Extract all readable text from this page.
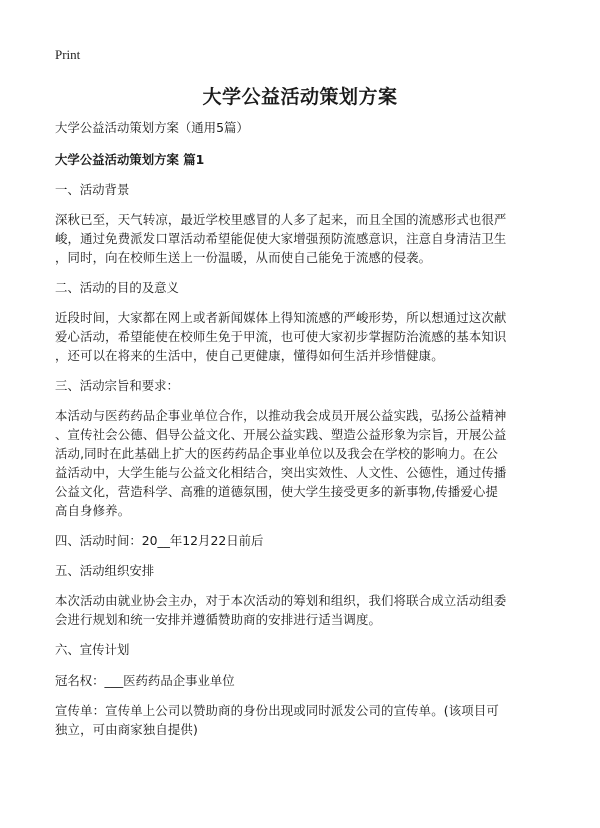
Print
大学公益活动策划方案

大学公益活动策划方案（通用5篇）

大学公益活动策划方案 篇1

一、活动背景

深秋已至，天气转凉，最近学校里感冒的人多了起来，而且全国的流感形式也很严
峻，通过免费派发口罩活动希望能促使大家增强预防流感意识，注意自身清洁卫生
，同时，向在校师生送上一份温暖，从而使自己能免于流感的侵袭。

二、活动的目的及意义

近段时间，大家都在网上或者新闻媒体上得知流感的严峻形势，所以想通过这次献
爱心活动，希望能使在校师生免于甲流，也可使大家初步掌握防治流感的基本知识
，还可以在将来的生活中，使自己更健康，懂得如何生活并珍惜健康。

三、活动宗旨和要求：

本活动与医药药品企事业单位合作，以推动我会成员开展公益实践，弘扬公益精神
、宣传社会公德、倡导公益文化、开展公益实践、塑造公益形象为宗旨，开展公益
活动,同时在此基础上扩大的医药药品企事业单位以及我会在学校的影响力。在公
益活动中，大学生能与公益文化相结合，突出实效性、人文性、公德性，通过传播
公益文化，营造科学、高雅的道德氛围，使大学生接受更多的新事物,传播爱心提
高自身修养。

四、活动时间：20__年12月22日前后

五、活动组织安排

本次活动由就业协会主办，对于本次活动的筹划和组织，我们将联合成立活动组委
会进行规划和统一安排并遵循赞助商的安排进行适当调度。

六、宣传计划

冠名权：___医药药品企事业单位

宣传单：宣传单上公司以赞助商的身份出现或同时派发公司的宣传单。(该项目可
独立，可由商家独自提供)
